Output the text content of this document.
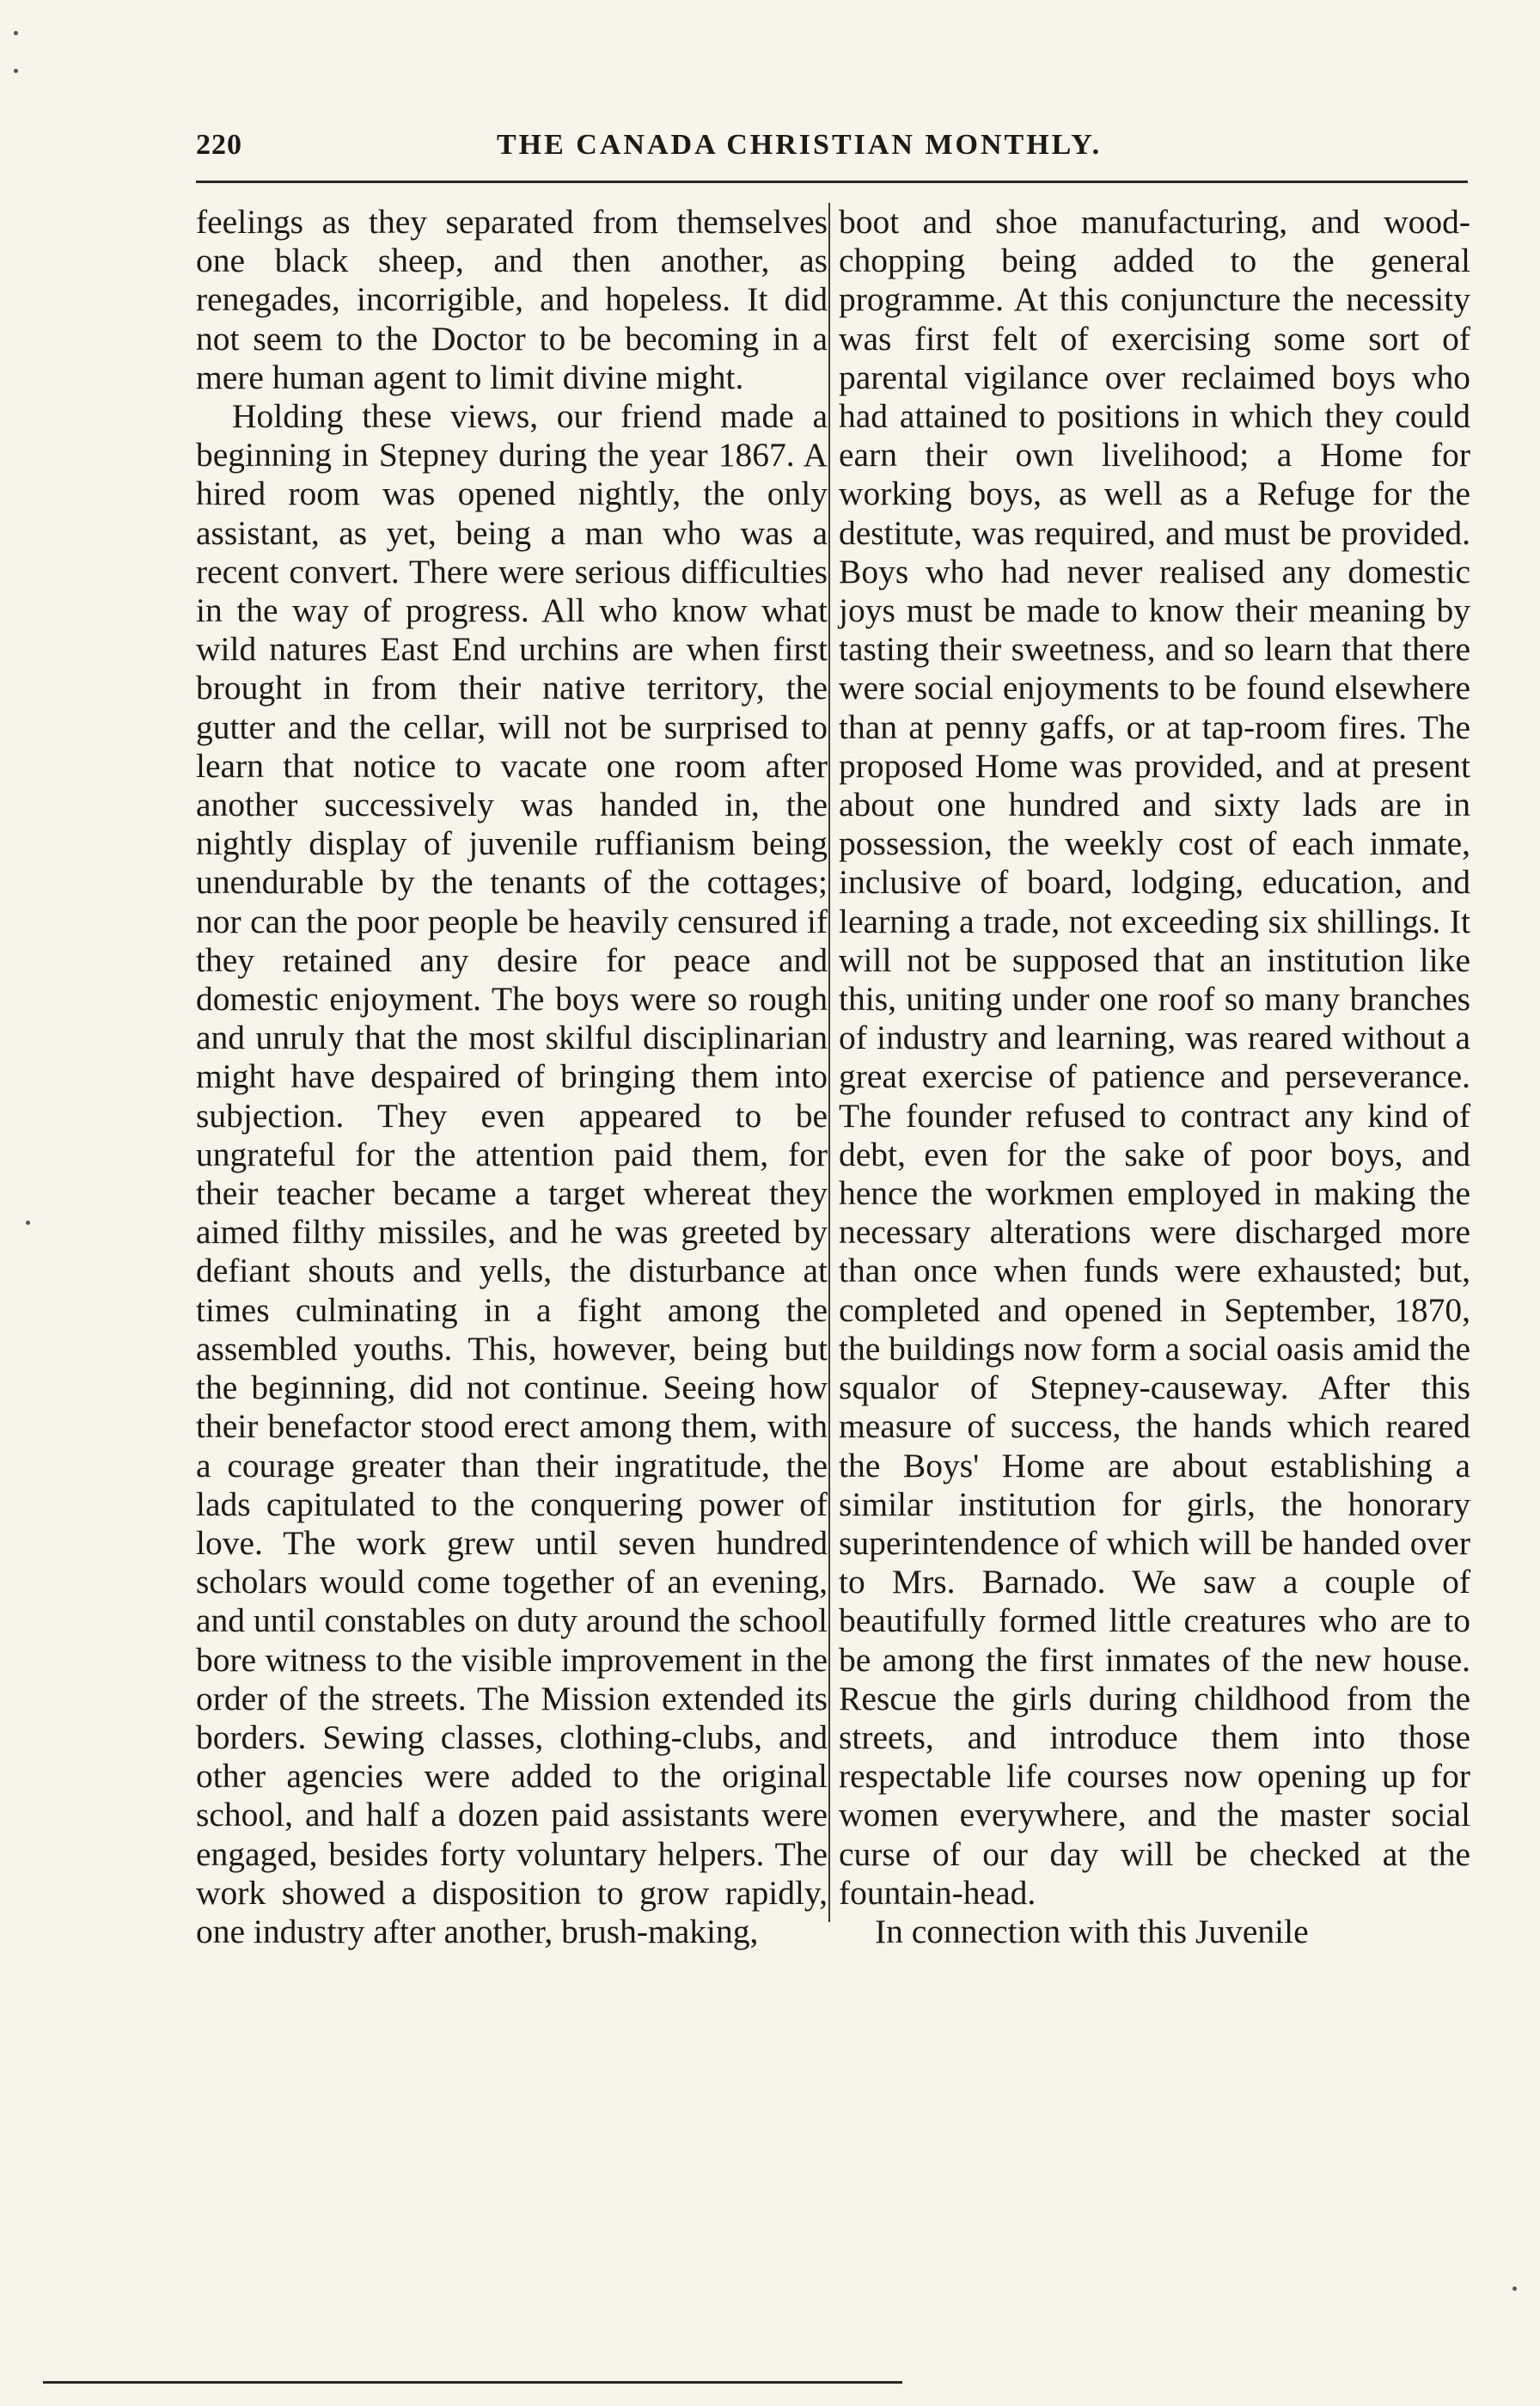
220	THE CANADA CHRISTIAN MONTHLY.

feelings as they separated from themselves one black sheep, and then another, as renegades, incorrigible, and hopeless. It did not seem to the Doctor to be becoming in a mere human agent to limit divine might.

Holding these views, our friend made a beginning in Stepney during the year 1867. A hired room was opened nightly, the only assistant, as yet, being a man who was a recent convert. There were serious difficulties in the way of progress. All who know what wild natures East End urchins are when first brought in from their native territory, the gutter and the cellar, will not be surprised to learn that notice to vacate one room after another successively was handed in, the nightly display of juvenile ruffianism being unendurable by the tenants of the cottages; nor can the poor people be heavily censured if they retained any desire for peace and domestic enjoyment. The boys were so rough and unruly that the most skilful disciplinarian might have despaired of bringing them into subjection. They even appeared to be ungrateful for the attention paid them, for their teacher became a target whereat they aimed filthy missiles, and he was greeted by defiant shouts and yells, the disturbance at times culminating in a fight among the assembled youths. This, however, being but the beginning, did not continue. Seeing how their benefactor stood erect among them, with a courage greater than their ingratitude, the lads capitulated to the conquering power of love. The work grew until seven hundred scholars would come together of an evening, and until constables on duty around the school bore witness to the visible improvement in the order of the streets. The Mission extended its borders. Sewing classes, clothing-clubs, and other agencies were added to the original school, and half a dozen paid assistants were engaged, besides forty voluntary helpers. The work showed a disposition to grow rapidly, one industry after another, brush-making,

boot and shoe manufacturing, and woodchopping being added to the general programme. At this conjuncture the necessity was first felt of exercising some sort of parental vigilance over reclaimed boys who had attained to positions in which they could earn their own livelihood; a Home for working boys, as well as a Refuge for the destitute, was required, and must be provided. Boys who had never realised any domestic joys must be made to know their meaning by tasting their sweetness, and so learn that there were social enjoyments to be found elsewhere than at penny gaffs, or at tap-room fires. The proposed Home was provided, and at present about one hundred and sixty lads are in possession, the weekly cost of each inmate, inclusive of board, lodging, education, and learning a trade, not exceeding six shillings. It will not be supposed that an institution like this, uniting under one roof so many branches of industry and learning, was reared without a great exercise of patience and perseverance. The founder refused to contract any kind of debt, even for the sake of poor boys, and hence the workmen employed in making the necessary alterations were discharged more than once when funds were exhausted; but, completed and opened in September, 1870, the buildings now form a social oasis amid the squalor of Stepney-causeway. After this measure of success, the hands which reared the Boys' Home are about establishing a similar institution for girls, the honorary superintendence of which will be handed over to Mrs. Barnado. We saw a couple of beautifully formed little creatures who are to be among the first inmates of the new house. Rescue the girls during childhood from the streets, and introduce them into those respectable life courses now opening up for women everywhere, and the master social curse of our day will be checked at the fountain-head.

In connection with this Juvenile
